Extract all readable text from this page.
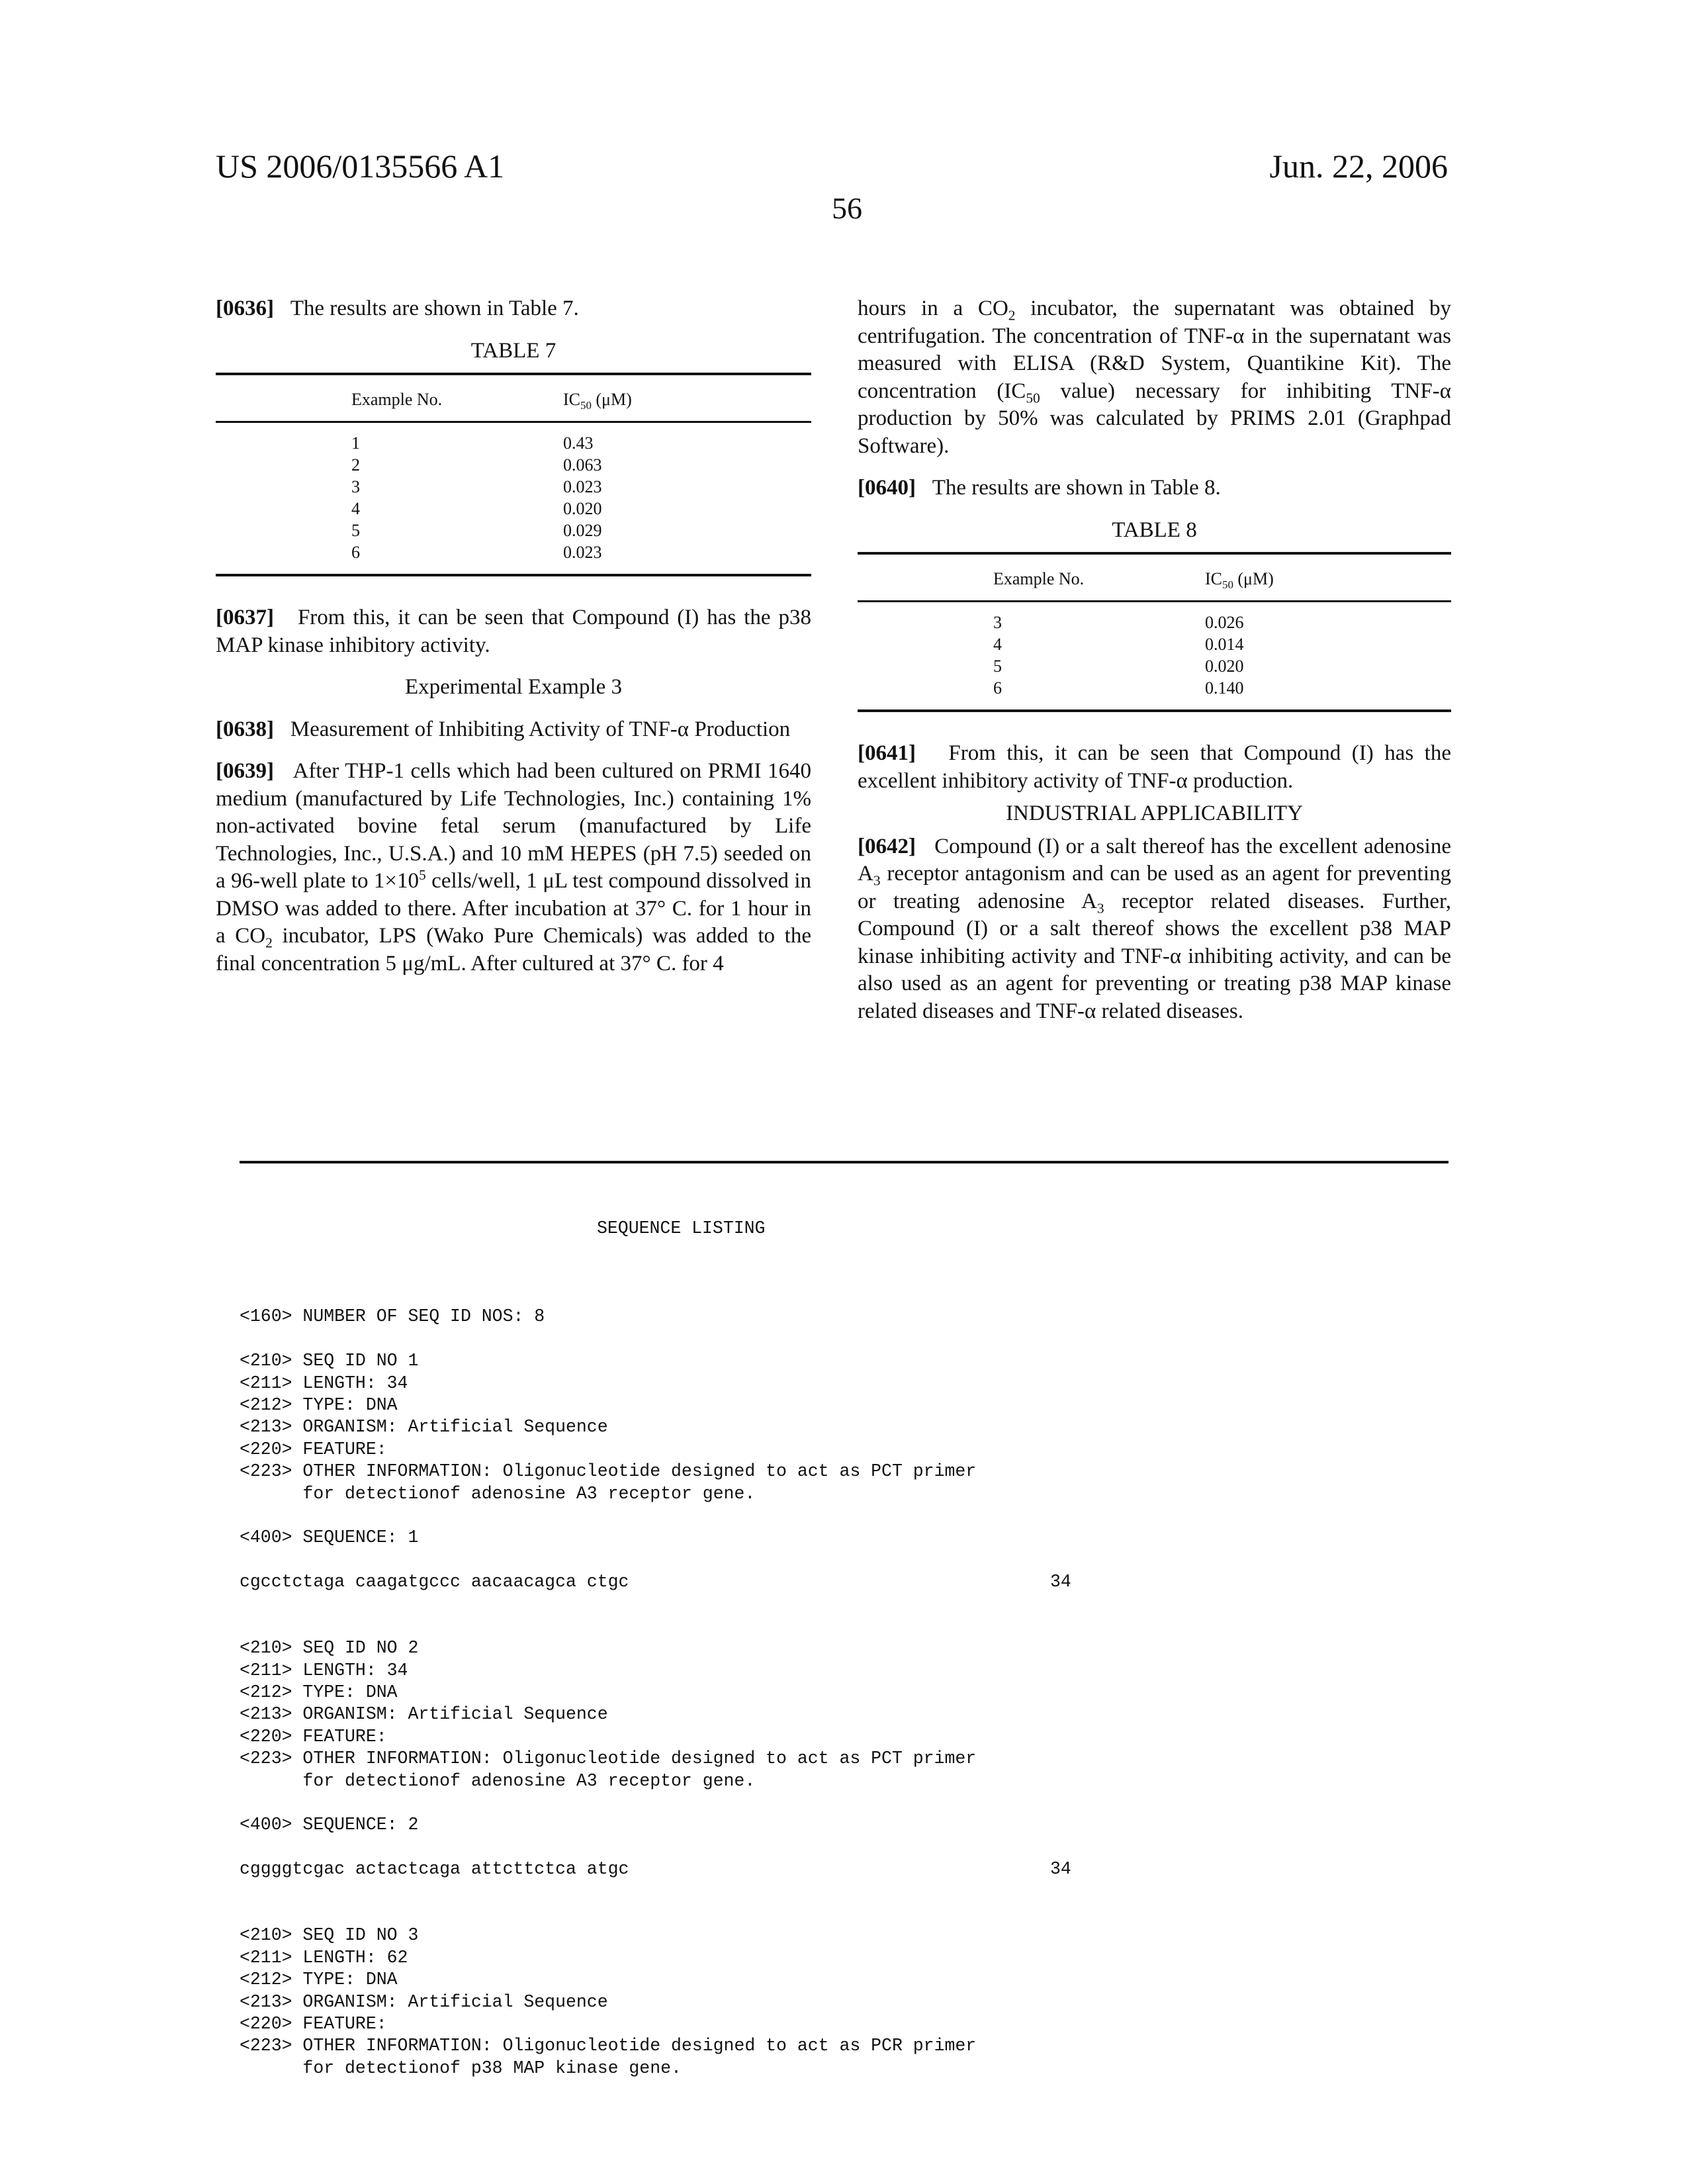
US 2006/0135566 A1	Jun. 22, 2006
56

[0636] The results are shown in Table 7.

TABLE 7
Example No.	IC50 (μM)
1	0.43
2	0.063
3	0.023
4	0.020
5	0.029
6	0.023

[0637] From this, it can be seen that Compound (I) has the p38 MAP kinase inhibitory activity.

Experimental Example 3

[0638] Measurement of Inhibiting Activity of TNF-α Production

[0639] After THP-1 cells which had been cultured on PRMI 1640 medium (manufactured by Life Technologies, Inc.) containing 1% non-activated bovine fetal serum (manufactured by Life Technologies, Inc., U.S.A.) and 10 mM HEPES (pH 7.5) seeded on a 96-well plate to 1×105 cells/well, 1 μL test compound dissolved in DMSO was added to there. After incubation at 37° C. for 1 hour in a CO2 incubator, LPS (Wako Pure Chemicals) was added to the final concentration 5 μg/mL. After cultured at 37° C. for 4

hours in a CO2 incubator, the supernatant was obtained by centrifugation. The concentration of TNF-α in the supernatant was measured with ELISA (R&D System, Quantikine Kit). The concentration (IC50 value) necessary for inhibiting TNF-α production by 50% was calculated by PRIMS 2.01 (Graphpad Software).

[0640] The results are shown in Table 8.

TABLE 8
Example No.	IC50 (μM)
3	0.026
4	0.014
5	0.020
6	0.140

[0641] From this, it can be seen that Compound (I) has the excellent inhibitory activity of TNF-α production.

INDUSTRIAL APPLICABILITY

[0642] Compound (I) or a salt thereof has the excellent adenosine A3 receptor antagonism and can be used as an agent for preventing or treating adenosine A3 receptor related diseases. Further, Compound (I) or a salt thereof shows the excellent p38 MAP kinase inhibiting activity and TNF-α inhibiting activity, and can be also used as an agent for preventing or treating p38 MAP kinase related diseases and TNF-α related diseases.

SEQUENCE LISTING

<160> NUMBER OF SEQ ID NOS: 8
<210> SEQ ID NO 1
<211> LENGTH: 34
<212> TYPE: DNA
<213> ORGANISM: Artificial Sequence
<220> FEATURE:
<223> OTHER INFORMATION: Oligonucleotide designed to act as PCT primer
for detectionof adenosine A3 receptor gene.
<400> SEQUENCE: 1
cgcctctaga caagatgccc aacaacagca ctgc	34
<210> SEQ ID NO 2
<211> LENGTH: 34
<212> TYPE: DNA
<213> ORGANISM: Artificial Sequence
<220> FEATURE:
<223> OTHER INFORMATION: Oligonucleotide designed to act as PCT primer
for detectionof adenosine A3 receptor gene.
<400> SEQUENCE: 2
cggggtcgac actactcaga attcttctca atgc	34
<210> SEQ ID NO 3
<211> LENGTH: 62
<212> TYPE: DNA
<213> ORGANISM: Artificial Sequence
<220> FEATURE:
<223> OTHER INFORMATION: Oligonucleotide designed to act as PCR primer
for detectionof p38 MAP kinase gene.
